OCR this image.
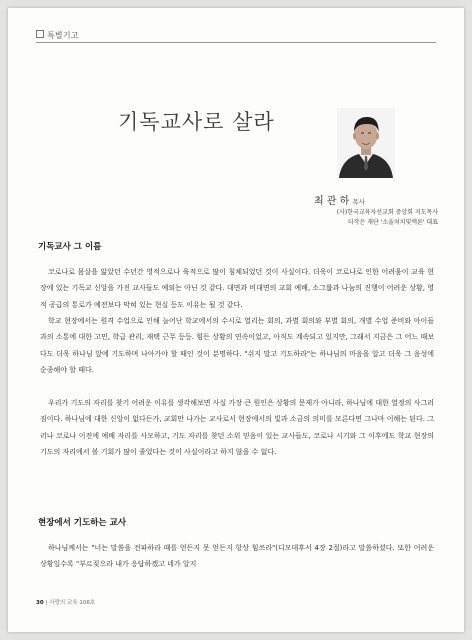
특별기고
기독교사로 살라
최 관 하 목사
(사)한국교육자선교회 중앙회 지도목사
더작은 재단 '소울쳐치및맥론' 대표
기독교사 그 이름

코로나로 몸살을 앓았던 수년간 영적으로나 육적으로 많이 침체되었던 것이 사실이다. 더욱이 코로나로 인한 어려움이 교육 현장에 있는 기독교 신앙을 가진 교사들도 예외는 아닌 것 같다. 대면과 비대면의 교회 예배, 소그룹과 나눔의 진행이 어려운 상황, 영적 공급의 통로가 예전보다 막혀 있는 현실 등도 이유는 될 것 같다.

학교 현장에서는 원격 수업으로 인해 늘어난 학교에서의 수시로 열리는 회의, 과별 회의와 부별 회의, 개별 수업 준비와 아이들과의 소통에 대한 고민, 학급 관리, 재택 근무 등등. 힘든 상황의 연속이었고, 아직도 계속되고 있지만, 그래서 지금은 그 어느 때보다도 더욱 하나님 앞에 기도하며 나아가야 할 때인 것이 분명하다. "쉬지 말고 기도하라"는 하나님의 마음을 알고 더욱 그 음성에 순종해야 할 때다.

우리가 기도의 자리를 찾기 어려운 이유를 생각해보면 사실 가장 큰 원인은 상황의 문제가 아니라, 하나님에 대한 열정의 사그러짐이다. 하나님에 대한 신앙이 없다든가, 교회만 나가는 교사로서 현장에서의 빛과 소금의 의미를 모른다면 그나마 이해는 된다. 그러나 코로나 이전에 예배 자리를 사모하고, 기도 자리를 찾던 소위 믿음이 있는 교사들도, 코로나 시기와 그 이후에도 학교 현장의 기도의 자리에서 볼 기회가 많이 줄었다는 것이 사실이라고 하지 않을 수 없다.

현장에서 기도하는 교사

하나님께서는 "너는 말씀을 전파하라 때를 얻든지 못 얻든지 항상 힘쓰라"(디모데후서 4장 2절)라고 말씀하셨다. 또한 어려운 상황일수록 "부르짖으라 내가 응답하겠고 네가 알지

30 | 사랑의 교육 106호
